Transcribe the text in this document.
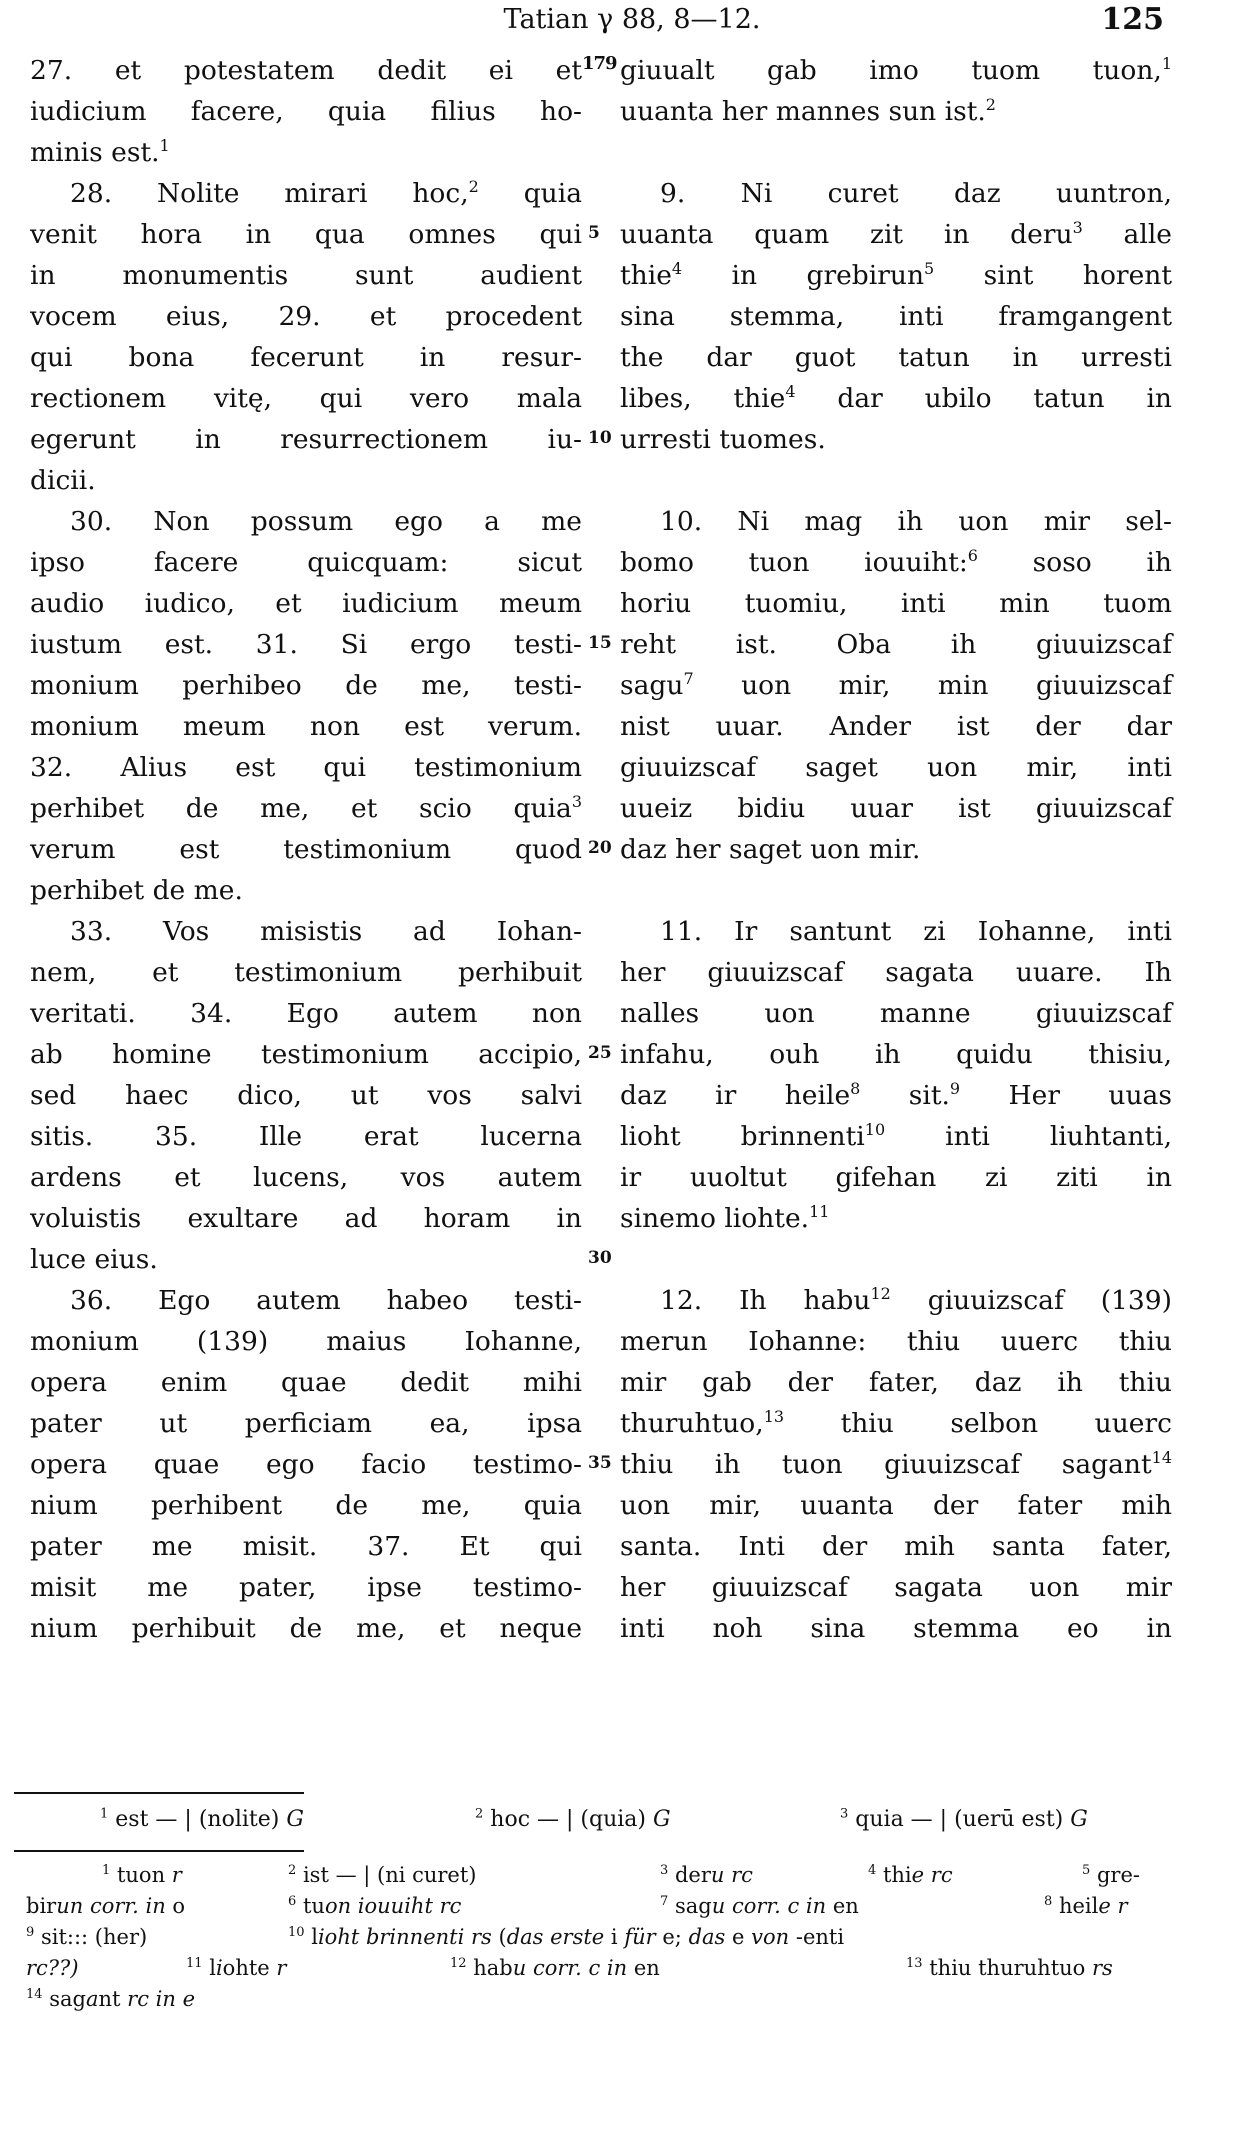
Tatian γ 88, 8—12.	125
27. et potestatem dedit ei et
iudicium facere, quia filius ho-
minis est.$^1$
28. Nolite mirari hoc,$^2$ quia
venit hora in qua omnes qui
in monumentis sunt audient
vocem eius, 29. et procedent
qui bona fecerunt in resur-
rectionem vitę, qui vero mala
egerunt in resurrectionem iu-
dicii.
30. Non possum ego a me
ipso facere quicquam: sicut
audio iudico, et iudicium meum
iustum est. 31. Si ergo testi-
monium perhibeo de me, testi-
monium meum non est verum.
32. Alius est qui testimonium
perhibet de me, et scio quia$^3$
verum est testimonium quod
perhibet de me.
33. Vos misistis ad Iohan-
nem, et testimonium perhibuit
veritati. 34. Ego autem non
ab homine testimonium accipio,
sed haec dico, ut vos salvi
sitis. 35. Ille erat lucerna
ardens et lucens, vos autem
voluistis exultare ad horam in
luce eius.
36. Ego autem habeo testi-
monium (139) maius Iohanne,
opera enim quae dedit mihi
pater ut perficiam ea, ipsa
opera quae ego facio testimo-
nium perhibent de me, quia
pater me misit. 37. Et qui
misit me pater, ipse testimo-
nium perhibuit de me, et neque
179
5
10
15
20
25
30
35
giuualt gab imo tuom tuon,$^1$
uuanta her mannes sun ist.$^2$
9. Ni curet daz uuntron,
uuanta quam zit in deru$^3$ alle
thie$^4$ in grebirun$^5$ sint horent
sina stemma, inti framgangent
the dar guot tatun in urresti
libes, thie$^4$ dar ubilo tatun in
urresti tuomes.
10. Ni mag ih uon mir sel-
bomo tuon iouuiht:$^6$ soso ih
horiu tuomiu, inti min tuom
reht ist. Oba ih giuuizscaf
sagu$^7$ uon mir, min giuuizscaf
nist uuar. Ander ist der dar
giuuizscaf saget uon mir, inti
uueiz bidiu uuar ist giuuizscaf
daz her saget uon mir.
11. Ir santunt zi Iohanne, inti
her giuuizscaf sagata uuare. Ih
nalles uon manne giuuizscaf
infahu, ouh ih quidu thisiu,
daz ir heile$^8$ sit.$^9$ Her uuas
lioht brinnenti$^{10}$ inti liuhtanti,
ir uuoltut gifehan zi ziti in
sinemo liohte.$^{11}$
12. Ih habu$^{12}$ giuuizscaf (139)
merun Iohanne: thiu uuerc thiu
mir gab der fater, daz ih thiu
thuruhtuo,$^{13}$ thiu selbon uuerc
thiu ih tuon giuuizscaf sagant$^{14}$
uon mir, uuanta der fater mih
santa. Inti der mih santa fater,
her giuuizscaf sagata uon mir
inti noh sina stemma eo in
$^1$ est — | (nolite) G	$^2$ hoc — | (quia) G	$^3$ quia — | (uerū est) G
$^1$ tuon r	$^2$ ist — | (ni curet)	$^3$ deru rc	$^4$ thie rc	$^5$ gre-
birun corr. in o	$^6$ tuon iouuiht rc	$^7$ sagu corr. c in en	$^8$ heile r
$^9$ sit::: (her)	$^{10}$ lioht brinnenti rs (das erste i für e; das e von -enti
rc??)	$^{11}$ liohte r	$^{12}$ habu corr. c in en	$^{13}$ thiu thuruhtuo rs
$^{14}$ sagant rc in e
